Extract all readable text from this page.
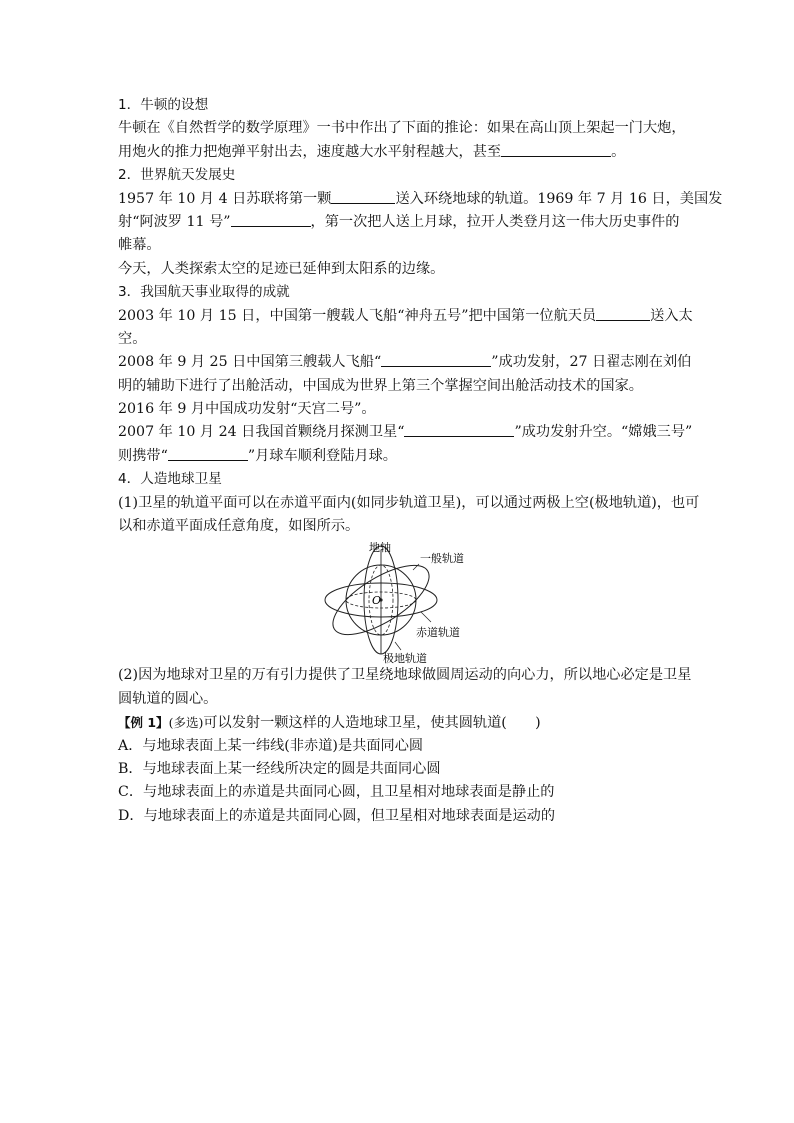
1．牛顿的设想
牛顿在《自然哲学的数学原理》一书中作出了下面的推论：如果在高山顶上架起一门大炮，
用炮火的推力把炮弹平射出去，速度越大水平射程越大，甚至	。
2．世界航天发展史
1957 年 10 月 4 日苏联将第一颗	送入环绕地球的轨道。1969 年 7 月 16 日，美国发
射“阿波罗 11 号”	，第一次把人送上月球，拉开人类登月这一伟大历史事件的
帷幕。
今天，人类探索太空的足迹已延伸到太阳系的边缘。
3．我国航天事业取得的成就
2003 年 10 月 15 日，中国第一艘载人飞船“神舟五号”把中国第一位航天员	送入太
空。
2008 年 9 月 25 日中国第三艘载人飞船“	”成功发射，27 日翟志刚在刘伯
明的辅助下进行了出舱活动，中国成为世界上第三个掌握空间出舱活动技术的国家。
2016 年 9 月中国成功发射“天宫二号”。
2007 年 10 月 24 日我国首颗绕月探测卫星“	”成功发射升空。“嫦娥三号”
则携带“	”月球车顺利登陆月球。
4．人造地球卫星
(1)卫星的轨道平面可以在赤道平面内(如同步轨道卫星)，可以通过两极上空(极地轨道)，也可
以和赤道平面成任意角度，如图所示。
O
地轴
一般轨道
赤道轨道
极地轨道
(2)因为地球对卫星的万有引力提供了卫星绕地球做圆周运动的向心力，所以地心必定是卫星
圆轨道的圆心。
【例 1】(多选)可以发射一颗这样的人造地球卫星，使其圆轨道(　　)
A．与地球表面上某一纬线(非赤道)是共面同心圆
B．与地球表面上某一经线所决定的圆是共面同心圆
C．与地球表面上的赤道是共面同心圆，且卫星相对地球表面是静止的
D．与地球表面上的赤道是共面同心圆，但卫星相对地球表面是运动的
